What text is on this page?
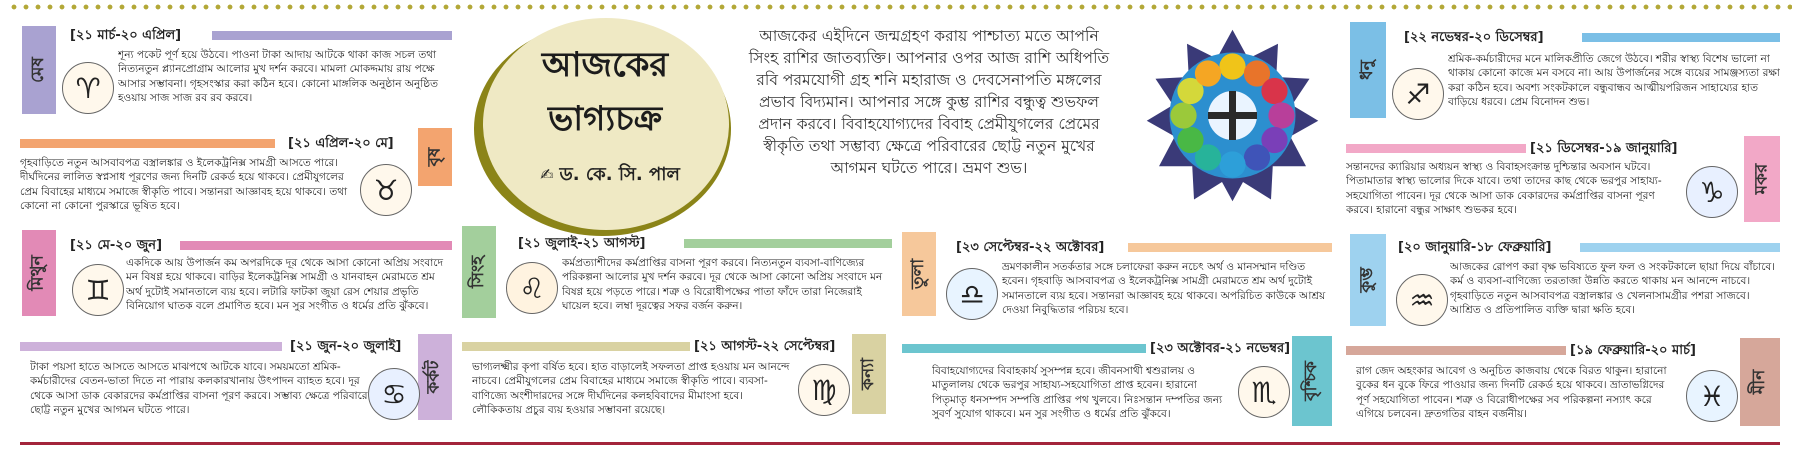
মেষ
[২১ মার্চ-২০ এপ্রিল]
♈
শূন্য পকেট পূর্ণ হয়ে উঠবে। পাওনা টাকা আদায় আটকে থাকা কাজ সচল তথা নিত্যনতুন প্ল্যানপ্রোগ্রাম আলোর মুখ দর্শন করবে। মামলা মোকদ্দমায় রায় পক্ষে আসার সম্ভাবনা। গৃহসংস্কার করা কঠিন হবে। কোনো মাঙ্গলিক অনুষ্ঠান অনুষ্ঠিত হওয়ায় সাজ সাজ রব রব করবে।
[২১ এপ্রিল-২০ মে]
বৃষ
গৃহবাড়িতে নতুন আসবাবপত্র বস্ত্রালঙ্কার ও ইলেকট্রনিক্স সামগ্রী আসতে পারে। দীর্ঘদিনের লালিত স্বপ্নসাধ পূরণের জন্য দিনটি রেকর্ড হয়ে থাকবে। প্রেমীযুগলের প্রেম বিবাহের মাধ্যমে সমাজে স্বীকৃতি পাবে। সন্তানরা আজ্ঞাবহ হয়ে থাকবে। তথা কোনো না কোনো পুরস্কারে ভূষিত হবে।	♉
মিথুন
[২১ মে-২০ জুন]
♊
একদিকে আয় উপার্জন কম অপরদিকে দূর থেকে আসা কোনো অপ্রিয় সংবাদে মন বিষণ্ণ হয়ে থাকবে। বাড়ির ইলেকট্রনিক্স সামগ্রী ও যানবাহন মেরামতে শ্রম অর্থ দুটোই সমানতালে ব্যয় হবে। লটারি ফাটকা জুয়া রেস শেয়ার প্রভৃতি বিনিয়োগ ঘাতক বলে প্রমাণিত হবে। মন সুর সংগীত ও ধর্মের প্রতি ঝুঁকবে।
[২১ জুন-২০ জুলাই]
কর্কট
টাকা পয়সা হাতে আসতে আসতে মাঝপথে আটকে যাবে। সময়মতো শ্রমিক-কর্মচারীদের বেতন-ভাতা দিতে না পারায় কলকারখানায় উৎপাদন ব্যাহত হবে। দূর থেকে আসা ডাক বেকারদের কর্মপ্রাপ্তির বাসনা পূরণ করবে। সম্ভাব্য ক্ষেত্রে পরিবারে ছোট্ট নতুন মুখের আগমন ঘটতে পারে।	♋
আজকের
ভাগ্যচক্র
✍ ড. কে. সি. পাল
আজকের এইদিনে জন্মগ্রহণ করায় পাশ্চাত্য মতে আপনি সিংহ রাশির জাতব্যক্তি। আপনার ওপর আজ রাশি অধিপতি রবি পরমযোগী গ্রহ শনি মহারাজ ও দেবসেনাপতি মঙ্গলের প্রভাব বিদ্যমান। আপনার সঙ্গে কুম্ভ রাশির বন্ধুত্ব শুভফল প্রদান করবে। বিবাহযোগ্যদের বিবাহ প্রেমীযুগলের প্রেমের স্বীকৃতি তথা সম্ভাব্য ক্ষেত্রে পরিবারের ছোট্ট নতুন মুখের আগমন ঘটতে পারে। ভ্রমণ শুভ।
সিংহ
[২১ জুলাই-২১ আগস্ট]
♌
কর্মপ্রত্যাশীদের কর্মপ্রাপ্তির বাসনা পূরণ করবে। নিত্যনতুন ব্যবসা-বাণিজ্যের পরিকল্পনা আলোর মুখ দর্শন করবে। দূর থেকে আসা কোনো অপ্রিয় সংবাদে মন বিষণ্ণ হয়ে পড়তে পারে। শত্রু ও বিরোধীপক্ষের পাতা ফাঁদে তারা নিজেরাই ঘায়েল হবে। লম্বা দূরত্বের সফর বর্জন করুন।
[২১ আগস্ট-২২ সেপ্টেম্বর]
কন্যা
ভাগ্যলক্ষ্মীর কৃপা বর্ষিত হবে। হাত বাড়ালেই সফলতা প্রাপ্ত হওয়ায় মন আনন্দে নাচবে। প্রেমীযুগলের প্রেম বিবাহের মাধ্যমে সমাজে স্বীকৃতি পাবে। ব্যবসা-বাণিজ্যে অংশীদারদের সঙ্গে দীর্ঘদিনের কলহবিবাদের মীমাংসা হবে। লৌকিকতায় প্রচুর ব্যয় হওয়ার সম্ভাবনা রয়েছে।
♍
তুলা
[২৩ সেপ্টেম্বর-২২ অক্টোবর]
♎
ভ্রমণকালীন সতর্কতার সঙ্গে চলাফেরা করুন নচেৎ অর্থ ও মানসম্মান দণ্ডিত হবেন। গৃহবাড়ি আসবাবপত্র ও ইলেকট্রনিক্স সামগ্রী মেরামতে শ্রম অর্থ দুটোই সমানতালে ব্যয় হবে। সন্তানরা আজ্ঞাবহ হয়ে থাকবে। অপরিচিত কাউকে আশ্রয় দেওয়া নিবুদ্ধিতার পরিচয় হবে।
[২৩ অক্টোবর-২১ নভেম্বর]
বৃশ্চিক
বিবাহযোগ্যদের বিবাহকার্য সুসম্পন্ন হবে। জীবনসাথী শ্বশুরালয় ও মাতুলালয় থেকে ভরপুর সাহায্য-সহযোগিতা প্রাপ্ত হবেন। হারানো পিতৃমাতৃ ধনসম্পদ সম্পত্তি প্রাপ্তির পথ খুলবে। নিঃসন্তান দম্পতির জন্য সুবর্ণ সুযোগ থাকবে। মন সুর সংগীত ও ধর্মের প্রতি ঝুঁকবে।
♏
ধনু
[২২ নভেম্বর-২০ ডিসেম্বর]
♐
শ্রমিক-কর্মচারীদের মনে মালিকপ্রীতি জেগে উঠবে। শরীর স্বাস্থ্য বিশেষ ভালো না থাকায় কোনো কাজে মন বসবে না। আয় উপার্জনের সঙ্গে ব্যয়ের সামঞ্জস্যতা রক্ষা করা কঠিন হবে। অবশ্য সংকটকালে বন্ধুবান্ধব আত্মীয়পরিজন সাহায্যের হাত বাড়িয়ে ধরবে। প্রেম বিনোদন শুভ।
[২১ ডিসেম্বর-১৯ জানুয়ারি]
মকর
সন্তানদের ক্যারিয়ার অধ্যয়ন স্বাস্থ্য ও বিবাহসংক্রান্ত দুশ্চিন্তার অবসান ঘটবে। পিতামাতার স্বাস্থ্য ভালোর দিকে যাবে। তথা তাদের কাছ থেকে ভরপুর সাহায্য-সহযোগিতা পাবেন। দূর থেকে আসা ডাক বেকারদের কর্মপ্রাপ্তির বাসনা পূরণ করবে। হারানো বন্ধুর সাক্ষাৎ শুভকর হবে।
♑
কুম্ভ
[২০ জানুয়ারি-১৮ ফেব্রুয়ারি]
♒
আজকের রোপণ করা বৃক্ষ ভবিষ্যতে ফুল ফল ও সংকটকালে ছায়া দিয়ে বাঁচাবে। কর্ম ও ব্যবসা-বাণিজ্যে তরতাজা উন্নতি করতে থাকায় মন আনন্দে নাচবে। গৃহবাড়িতে নতুন আসবাবপত্র বস্ত্রালঙ্কার ও খেলনাসামগ্রীর পশরা সাজবে। আশ্রিত ও প্রতিপালিত ব্যক্তি দ্বারা ক্ষতি হবে।
[১৯ ফেব্রুয়ারি-২০ মার্চ]
মীন
রাগ জেদ অহংকার আবেগ ও অনুচিত কাজবায় থেকে বিরত থাকুন। হারানো বুকের ধন বুকে ফিরে পাওয়ার জন্য দিনটি রেকর্ড হয়ে থাকবে। ভ্রাতাভগ্নিদের পূর্ণ সহযোগিতা পাবেন। শত্রু ও বিরোধীপক্ষের সব পরিকল্পনা নস্যাৎ করে এগিয়ে চলবেন। দ্রুতগতির বাহন বর্জনীয়।
♓
